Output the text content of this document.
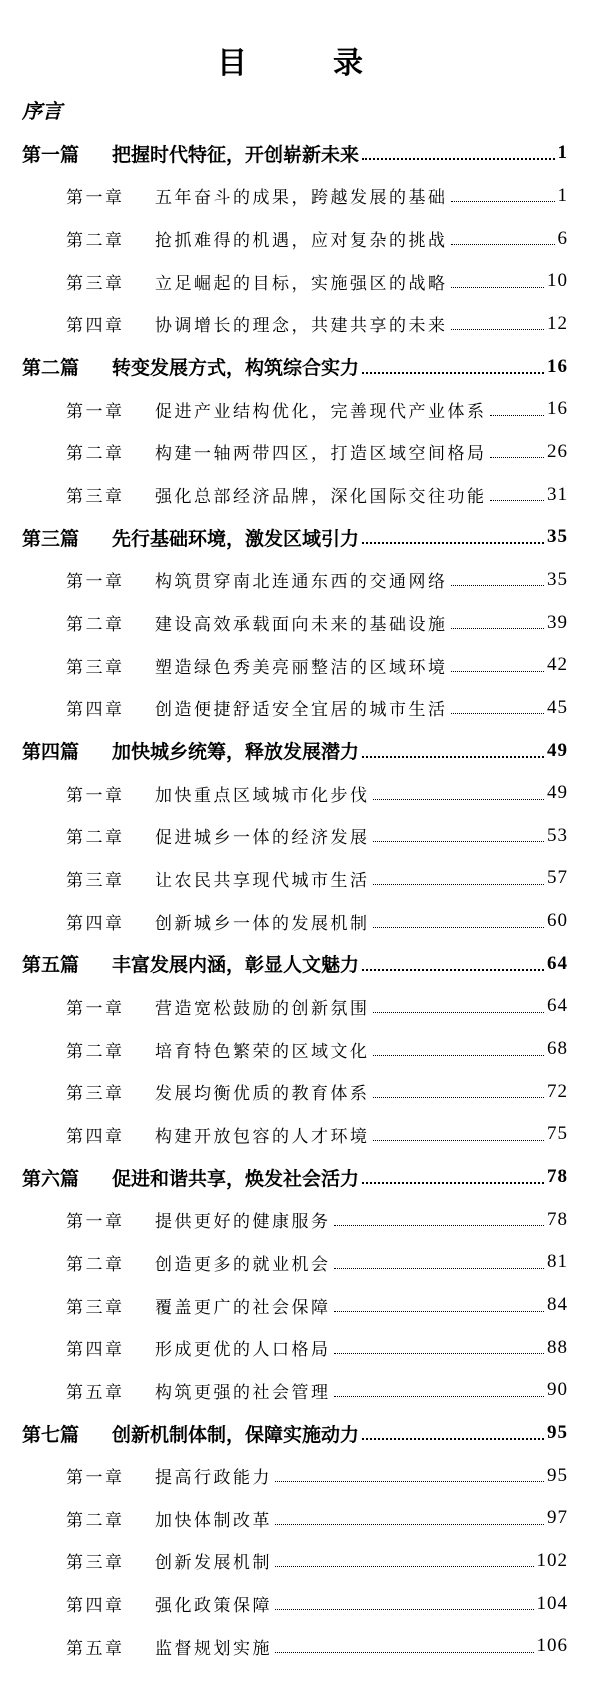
目　录
序言
第一篇	把握时代特征，开创崭新未来	1
第一章	五年奋斗的成果，跨越发展的基础	1
第二章	抢抓难得的机遇，应对复杂的挑战	6
第三章	立足崛起的目标，实施强区的战略	10
第四章	协调增长的理念，共建共享的未来	12
第二篇	转变发展方式，构筑综合实力	16
第一章	促进产业结构优化，完善现代产业体系	16
第二章	构建一轴两带四区，打造区域空间格局	26
第三章	强化总部经济品牌，深化国际交往功能	31
第三篇	先行基础环境，激发区域引力	35
第一章	构筑贯穿南北连通东西的交通网络	35
第二章	建设高效承载面向未来的基础设施	39
第三章	塑造绿色秀美亮丽整洁的区域环境	42
第四章	创造便捷舒适安全宜居的城市生活	45
第四篇	加快城乡统筹，释放发展潜力	49
第一章	加快重点区域城市化步伐	49
第二章	促进城乡一体的经济发展	53
第三章	让农民共享现代城市生活	57
第四章	创新城乡一体的发展机制	60
第五篇	丰富发展内涵，彰显人文魅力	64
第一章	营造宽松鼓励的创新氛围	64
第二章	培育特色繁荣的区域文化	68
第三章	发展均衡优质的教育体系	72
第四章	构建开放包容的人才环境	75
第六篇	促进和谐共享，焕发社会活力	78
第一章	提供更好的健康服务	78
第二章	创造更多的就业机会	81
第三章	覆盖更广的社会保障	84
第四章	形成更优的人口格局	88
第五章	构筑更强的社会管理	90
第七篇	创新机制体制，保障实施动力	95
第一章	提高行政能力	95
第二章	加快体制改革	97
第三章	创新发展机制	102
第四章	强化政策保障	104
第五章	监督规划实施	106
